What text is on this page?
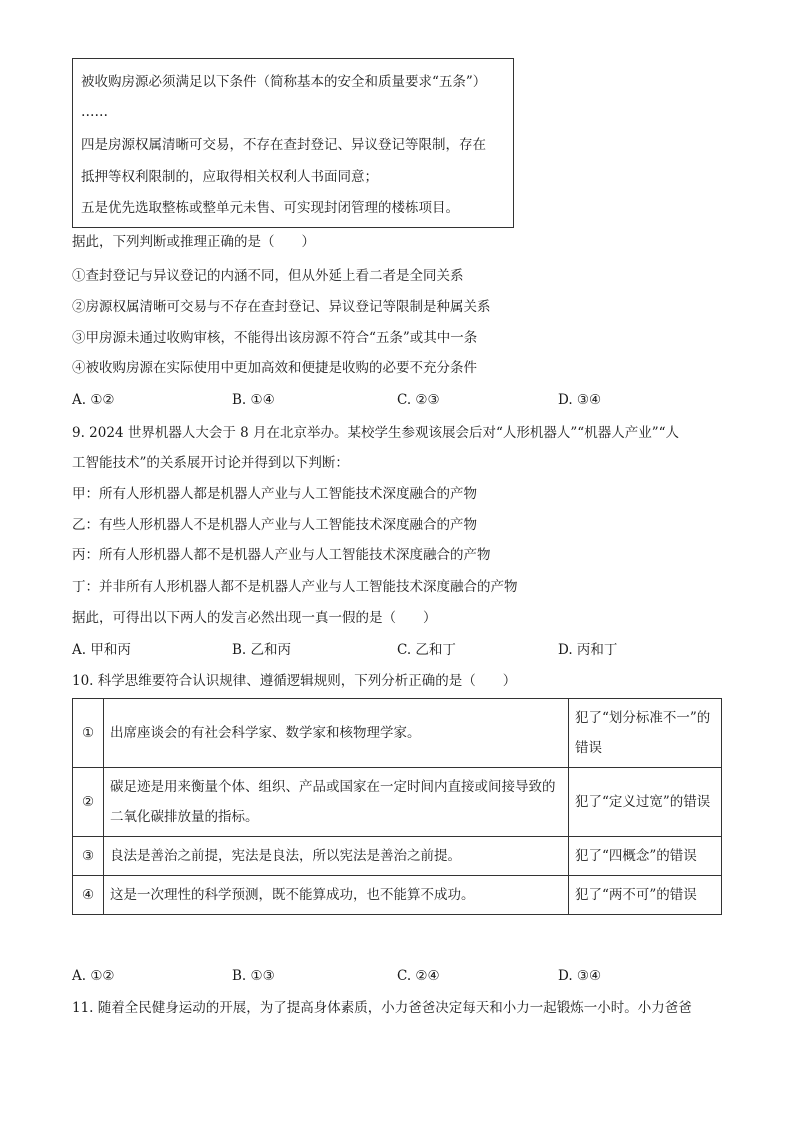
被收购房源必须满足以下条件（简称基本的安全和质量要求“五条”）
……
四是房源权属清晰可交易，不存在查封登记、异议登记等限制，存在
抵押等权利限制的，应取得相关权利人书面同意；
五是优先选取整栋或整单元未售、可实现封闭管理的楼栋项目。
据此，下列判断或推理正确的是（　　）
①查封登记与异议登记的内涵不同，但从外延上看二者是全同关系
②房源权属清晰可交易与不存在查封登记、异议登记等限制是种属关系
③甲房源未通过收购审核，不能得出该房源不符合“五条”或其中一条
④被收购房源在实际使用中更加高效和便捷是收购的必要不充分条件
A. ①②	B. ①④	C. ②③	D. ③④
9. 2024 世界机器人大会于 8 月在北京举办。某校学生参观该展会后对“人形机器人”“机器人产业”“人
工智能技术”的关系展开讨论并得到以下判断：
甲：所有人形机器人都是机器人产业与人工智能技术深度融合的产物
乙：有些人形机器人不是机器人产业与人工智能技术深度融合的产物
丙：所有人形机器人都不是机器人产业与人工智能技术深度融合的产物
丁：并非所有人形机器人都不是机器人产业与人工智能技术深度融合的产物
据此，可得出以下两人的发言必然出现一真一假的是（　　）
A. 甲和丙	B. 乙和丙	C. 乙和丁	D. 丙和丁
10. 科学思维要符合认识规律、遵循逻辑规则，下列分析正确的是（　　）
①	出席座谈会的有社会科学家、数学家和核物理学家。	犯了“划分标准不一”的错误
②	碳足迹是用来衡量个体、组织、产品或国家在一定时间内直接或间接导致的二氧化碳排放量的指标。	犯了“定义过宽”的错误
③	良法是善治之前提，宪法是良法，所以宪法是善治之前提。	犯了“四概念”的错误
④	这是一次理性的科学预测，既不能算成功，也不能算不成功。	犯了“两不可”的错误
A. ①②	B. ①③	C. ②④	D. ③④
11. 随着全民健身运动的开展，为了提高身体素质，小力爸爸决定每天和小力一起锻炼一小时。小力爸爸
